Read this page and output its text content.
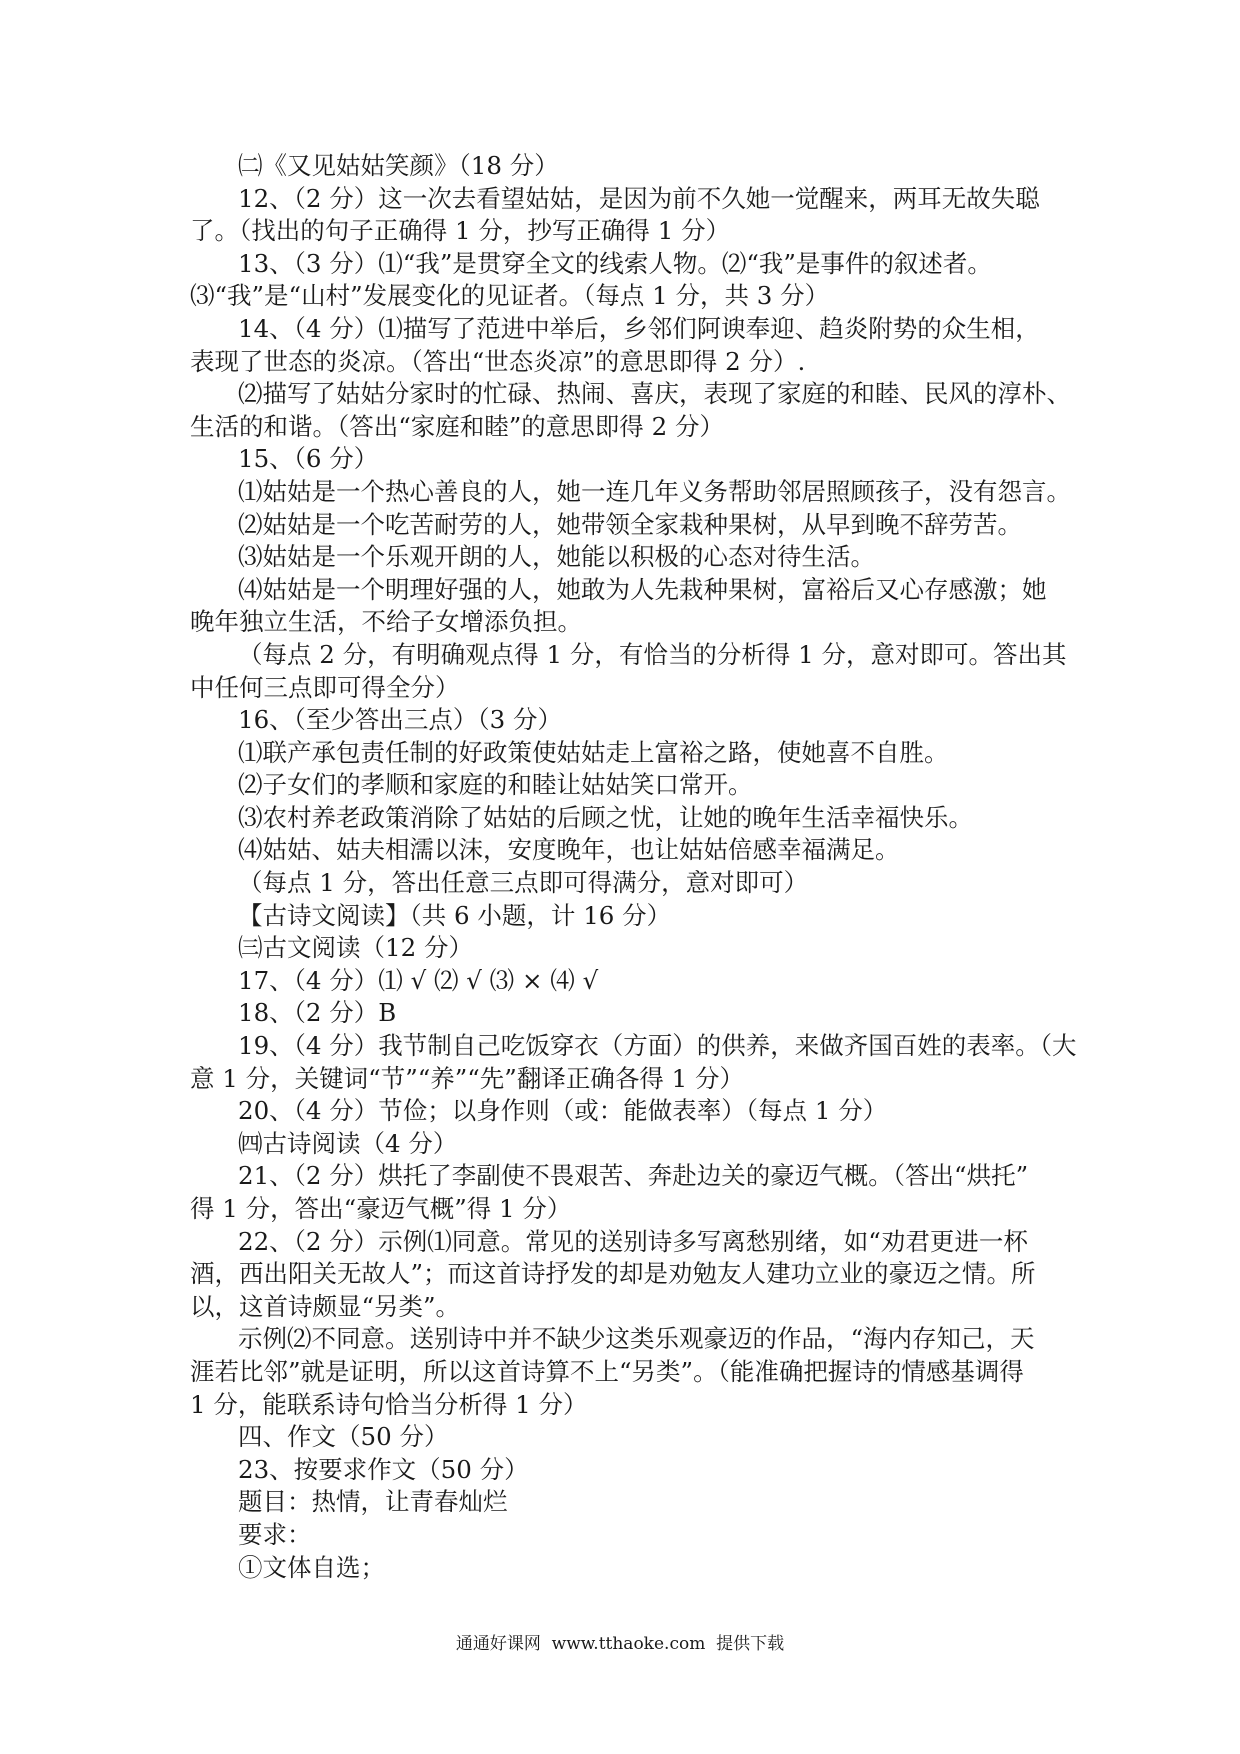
㈡《又见姑姑笑颜》（18 分）
12、（2 分）这一次去看望姑姑，是因为前不久她一觉醒来，两耳无故失聪
了。（找出的句子正确得 1 分，抄写正确得 1 分）
13、（3 分）⑴“我”是贯穿全文的线索人物。⑵“我”是事件的叙述者。
⑶“我”是“山村”发展变化的见证者。（每点 1 分，共 3 分）
14、（4 分）⑴描写了范进中举后，乡邻们阿谀奉迎、趋炎附势的众生相，
表现了世态的炎凉。（答出“世态炎凉”的意思即得 2 分）.
⑵描写了姑姑分家时的忙碌、热闹、喜庆，表现了家庭的和睦、民风的淳朴、
生活的和谐。（答出“家庭和睦”的意思即得 2 分）
15、（6 分）
⑴姑姑是一个热心善良的人，她一连几年义务帮助邻居照顾孩子，没有怨言。
⑵姑姑是一个吃苦耐劳的人，她带领全家栽种果树，从早到晚不辞劳苦。
⑶姑姑是一个乐观开朗的人，她能以积极的心态对待生活。
⑷姑姑是一个明理好强的人，她敢为人先栽种果树，富裕后又心存感激；她
晚年独立生活，不给子女增添负担。
（每点 2 分，有明确观点得 1 分，有恰当的分析得 1 分，意对即可。答出其
中任何三点即可得全分）
16、（至少答出三点）（3 分）
⑴联产承包责任制的好政策使姑姑走上富裕之路，使她喜不自胜。
⑵子女们的孝顺和家庭的和睦让姑姑笑口常开。
⑶农村养老政策消除了姑姑的后顾之忧，让她的晚年生活幸福快乐。
⑷姑姑、姑夫相濡以沫，安度晚年，也让姑姑倍感幸福满足。
（每点 1 分，答出任意三点即可得满分，意对即可）
【古诗文阅读】（共 6 小题，计 16 分）
㈢古文阅读（12 分）
17、（4 分）⑴ √ ⑵ √ ⑶ × ⑷ √
18、（2 分）B
19、（4 分）我节制自己吃饭穿衣（方面）的供养，来做齐国百姓的表率。（大
意 1 分，关键词“节”“养”“先”翻译正确各得 1 分）
20、（4 分）节俭；以身作则（或：能做表率）（每点 1 分）
㈣古诗阅读（4 分）
21、（2 分）烘托了李副使不畏艰苦、奔赴边关的豪迈气概。（答出“烘托”
得 1 分，答出“豪迈气概”得 1 分）
22、（2 分）示例⑴同意。常见的送别诗多写离愁别绪，如“劝君更进一杯
酒，西出阳关无故人”；而这首诗抒发的却是劝勉友人建功立业的豪迈之情。所
以，这首诗颇显“另类”。
示例⑵不同意。送别诗中并不缺少这类乐观豪迈的作品，“海内存知己，天
涯若比邻”就是证明，所以这首诗算不上“另类”。（能准确把握诗的情感基调得
1 分，能联系诗句恰当分析得 1 分）
四、作文（50 分）
23、按要求作文（50 分）
题目：热情，让青春灿烂
要求：
①文体自选；
通通好课网 www.tthaoke.com 提供下载
